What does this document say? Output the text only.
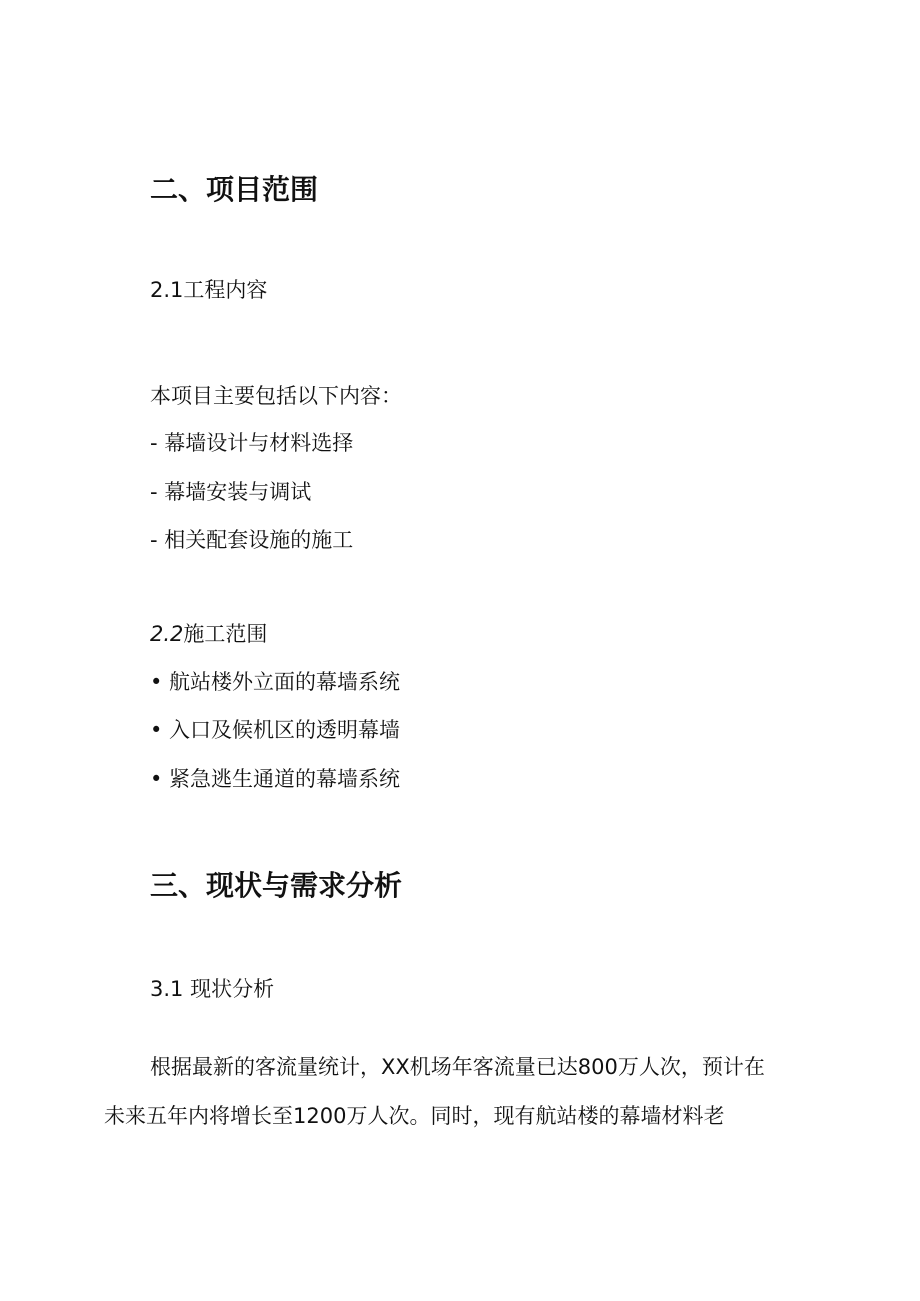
二、项目范围
2.1工程内容
本项目主要包括以下内容：
- 幕墙设计与材料选择
- 幕墙安装与调试
- 相关配套设施的施工
2.2施工范围
• 航站楼外立面的幕墙系统
• 入口及候机区的透明幕墙
• 紧急逃生通道的幕墙系统
三、现状与需求分析
3.1 现状分析
根据最新的客流量统计，XX机场年客流量已达800万人次，预计在
未来五年内将增长至1200万人次。同时，现有航站楼的幕墙材料老
